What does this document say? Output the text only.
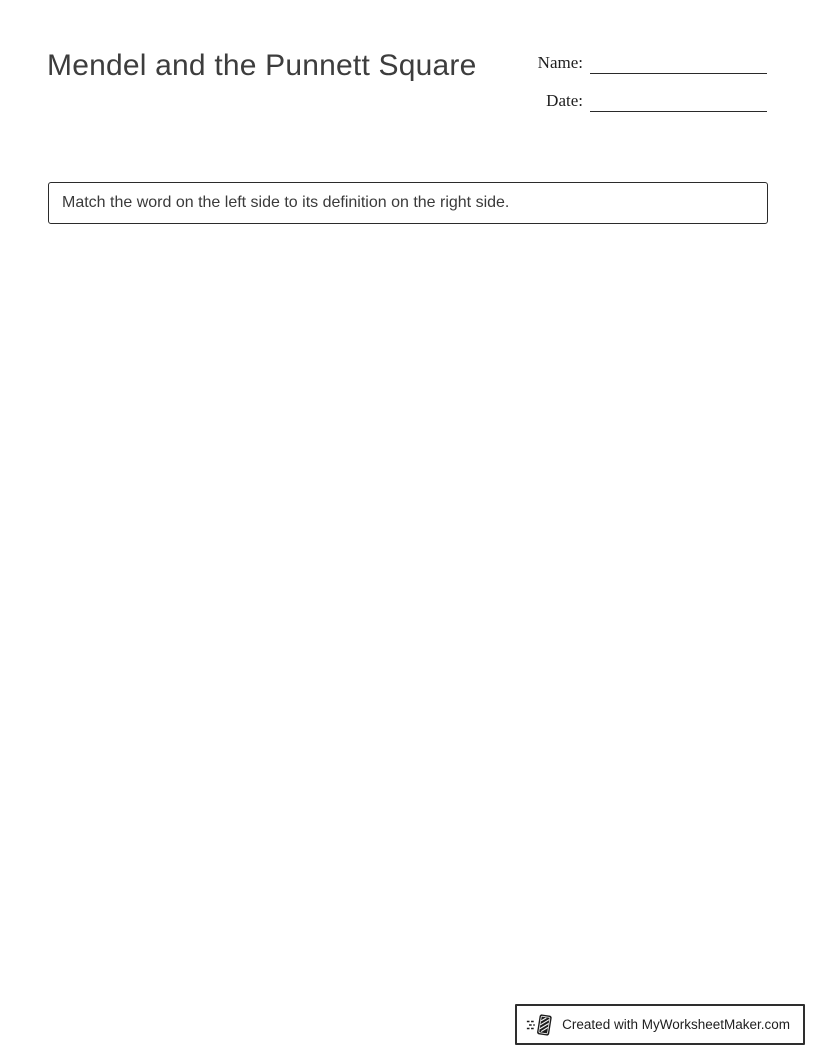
Mendel and the Punnett Square	Name:
Date:
Match the word on the left side to its definition on the right side.
Created with MyWorksheetMaker.com
